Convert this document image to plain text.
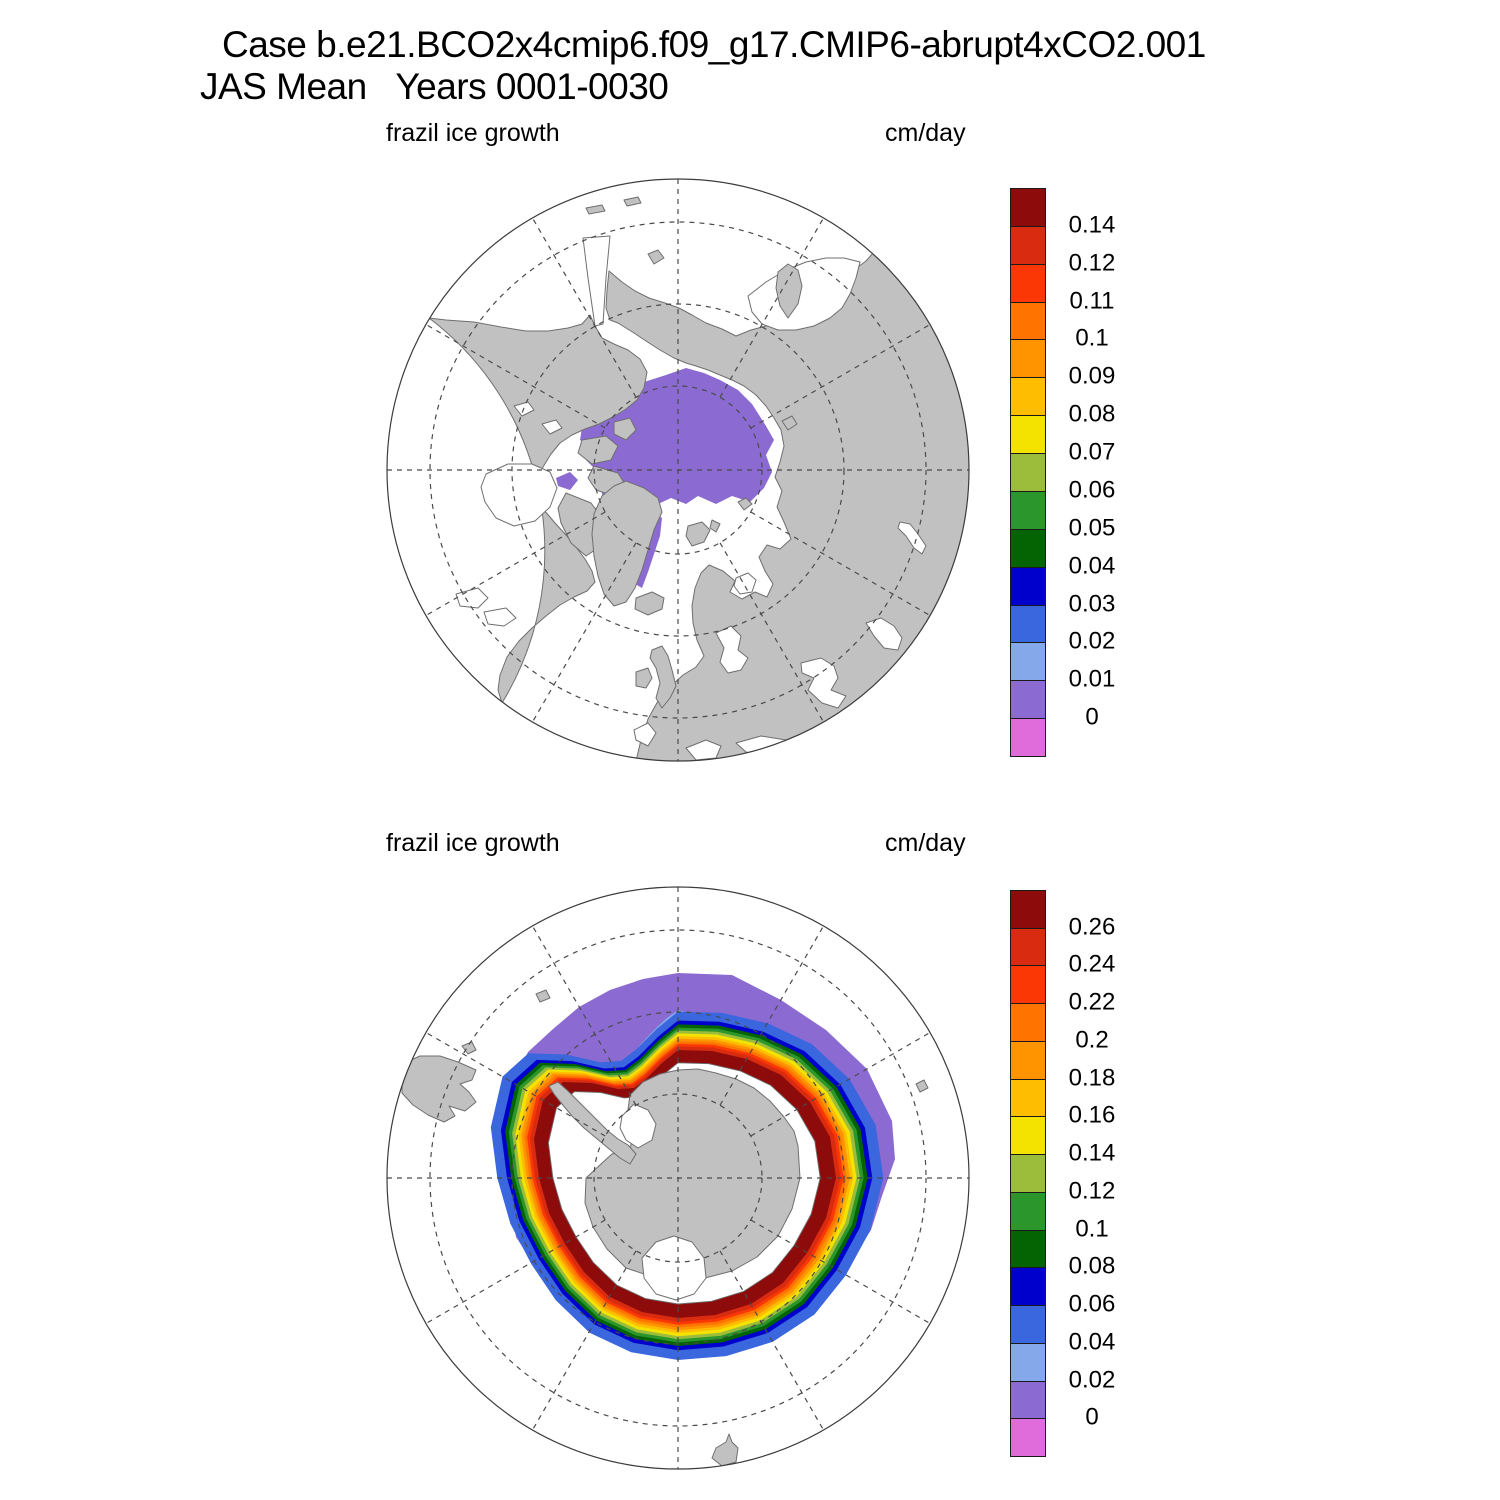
Case b.e21.BCO2x4cmip6.f09_g17.CMIP6-abrupt4xCO2.001
JAS Mean   Years 0001-0030
frazil ice growth	cm/day
frazil ice growth	cm/day
0.14
0.12
0.11
0.1
0.09
0.08
0.07
0.06
0.05
0.04
0.03
0.02
0.01
0
0.26
0.24
0.22
0.2
0.18
0.16
0.14
0.12
0.1
0.08
0.06
0.04
0.02
0
